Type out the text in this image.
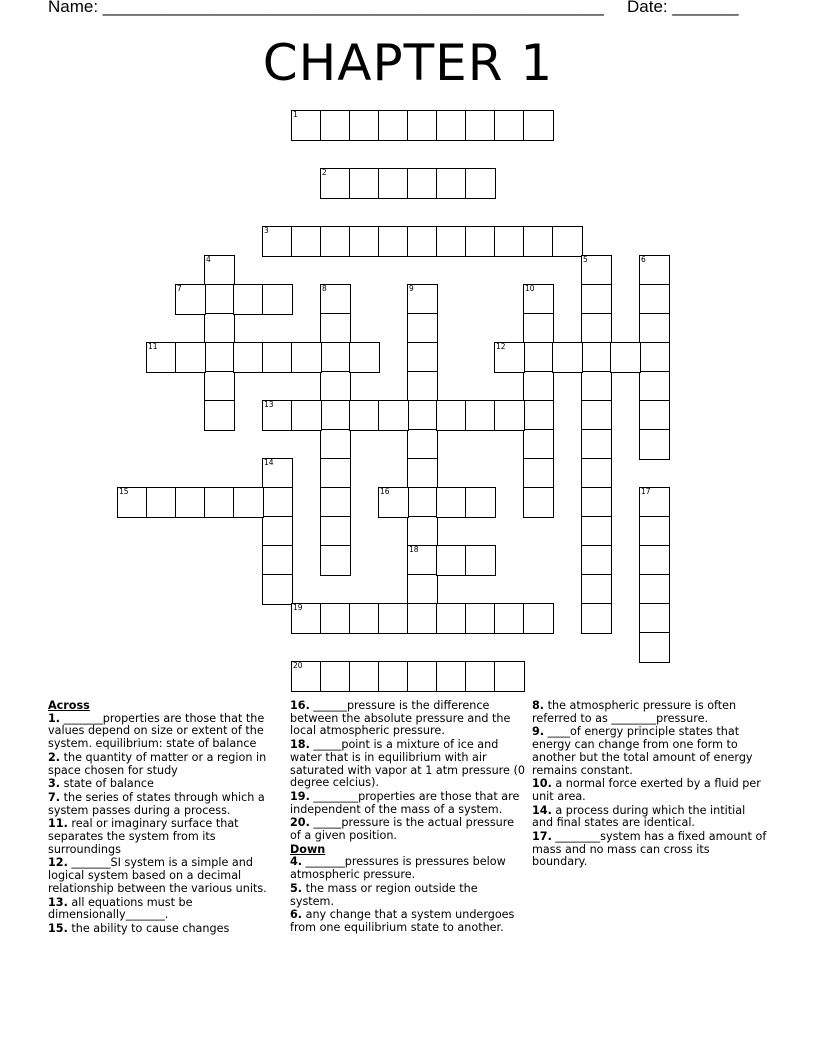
Name: _____________________________________________________ Date: _______
CHAPTER 1
1
2
3
4	5	6
7	8	9
18
10
11	12
13
14
15	16	17
19
20
Across
1. _______properties are those that the values depend on size or extent of the system. equilibrium: state of balance
2. the quantity of matter or a region in space chosen for study
3. state of balance
7. the series of states through which a system passes during a process.
11. real or imaginary surface that separates the system from its surroundings
12. _______SI system is a simple and logical system based on a decimal relationship between the various units.
13. all equations must be dimensionally_______.
15. the ability to cause changes
16. ______pressure is the difference between the absolute pressure and the local atmospheric pressure.
18. _____point is a mixture of ice and water that is in equilibrium with air saturated with vapor at 1 atm pressure (0 degree celcius).
19. ________properties are those that are independent of the mass of a system.
20. _____pressure is the actual pressure of a given position.
Down
4. _______pressures is pressures below atmospheric pressure.
5. the mass or region outside the system.
6. any change that a system undergoes from one equilibrium state to another.
8. the atmospheric pressure is often referred to as ________pressure.
9. ____of energy principle states that energy can change from one form to another but the total amount of energy remains constant.
10. a normal force exerted by a fluid per unit area.
14. a process during which the intitial and final states are identical.
17. ________system has a fixed amount of mass and no mass can cross its boundary.
